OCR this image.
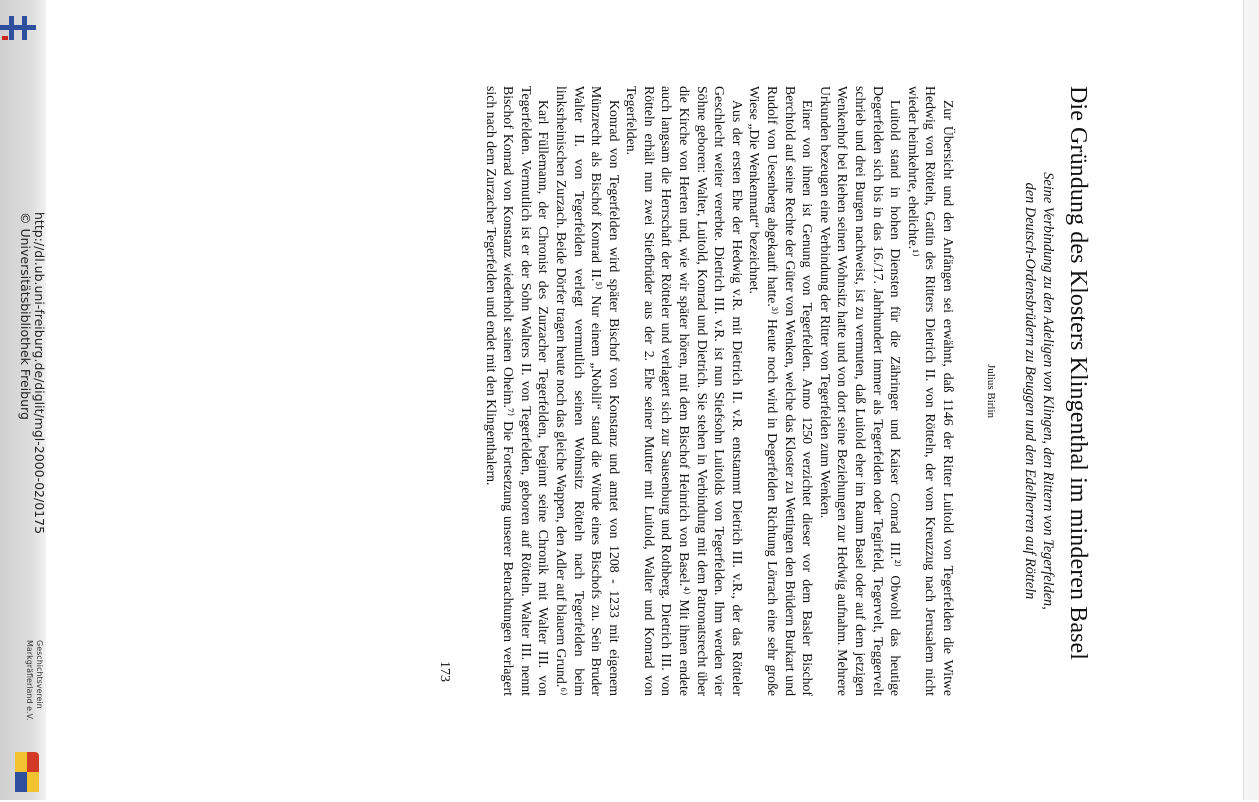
http://dl.ub.uni-freiburg.de/diglit/mgl-2000-02/0175
© Universitätsbibliothek Freiburg
Geschichtsverein
Markgräflerland e.V.
Die Gründung des Klosters Klingenthal im minderen Basel

Seine Verbindung zu den Adeligen von Klingen, den Rittern von Tegerfelden,

den Deutsch-Ordensbrüdern zu Beuggen und den Edelherren auf Rötteln

Julius Birlin

Zur Übersicht und den Anfängen sei erwähnt, daß 1146 der Ritter Luitold von Tegerfelden die Witwe Hedwig von Rötteln, Gattin des Ritters Dietrich II. von Rötteln, der vom Kreuzzug nach Jerusalem nicht wieder heimkehrte, ehelichte.¹⁾

Luitold stand in hohen Diensten für die Zähringer und Kaiser Conrad III.²⁾ Obwohl das heutige Degerfelden sich bis in das 16./17. Jahrhundert immer als Tegerfelden oder Tegirfeld, Tegervelt, Teggervelt schrieb und drei Burgen nachweist, ist zu vermuten, daß Luitold eher im Raum Basel oder auf dem jetzigen Wenkenhof bei Riehen seinen Wohnsitz hatte und von dort seine Beziehungen zur Hedwig aufnahm. Mehrere Urkunden bezeugen eine Verbindung der Ritter von Tegerfelden zum Wenken.

Einer von ihnen ist Genung von Tegerfelden. Anno 1250 verzichtet dieser vor dem Basler Bischof Berchtold auf seine Rechte der Güter von Wenken, welche das Kloster zu Wettingen den Brüdern Burkart und Rudolf von Uesenberg abgekauft hatte.³⁾ Heute noch wird in Degerfelden Richtung Lörrach eine sehr große Wiese „Die Wenkenmatt“ bezeichnet.

Aus der ersten Ehe der Hedwig v.R. mit Dietrich II. v.R. entstammt Dietrich III. v.R., der das Rötteler Geschlecht weiter vererbte. Dietrich III. v.R. ist nun Stiefsohn Luitolds von Tegerfelden. Ihm werden vier Söhne geboren: Walter, Luitold, Konrad und Dietrich. Sie stehen in Verbindung mit dem Patronatsrecht über die Kirche von Herten und, wie wir später hören, mit dem Bischof Heinrich von Basel.⁴⁾ Mit ihnen endete auch langsam die Herrschaft der Rötteler und verlagert sich zur Sausenburg und Rothberg. Dietrich III. von Rötteln erhält nun zwei Stiefbrüder aus der 2. Ehe seiner Mutter mit Luitold, Walter und Konrad von Tegerfelden.

Konrad von Tegerfelden wird später Bischof von Konstanz und amtet von 1208 - 1233 mit eigenem Münzrecht als Bischof Konrad II.⁵⁾ Nur einem „Nobili“ stand die Würde eines Bischofs zu. Sein Bruder Walter II. von Tegerfelden verlegt vermutlich seinen Wohnsitz Rötteln nach Tegerfelden beim linksrheinischen Zurzach. Beide Dörfer tragen heute noch das gleiche Wappen, den Adler auf blauem Grund.⁶⁾

Karl Füllemann, der Chronist des Zurzacher Tegerfelden, beginnt seine Chronik mit Walter III. von Tegerfelden. Vermutlich ist er der Sohn Walters II. von Tegerfelden, geboren auf Rötteln. Walter III. nennt Bischof Konrad von Konstanz wiederholt seinen Oheim.⁷⁾ Die Fortsetzung unserer Betrachtungen verlagert sich nach dem Zurzacher Tegerfelden und endet mit den Klingenthalern.

173
